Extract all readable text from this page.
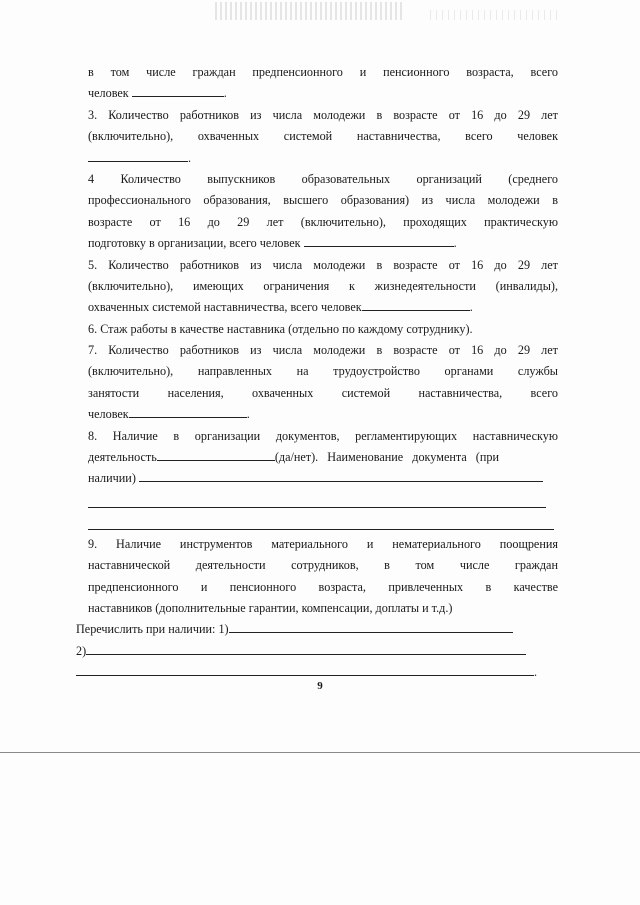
в том числе граждан предпенсионного и пенсионного возраста, всего
человек	.
3. Количество работников из числа молодежи в возрасте от 16 до 29 лет
(включительно), охваченных системой наставничества, всего человек
.
4 Количество выпускников образовательных организаций (среднего
профессионального образования, высшего образования) из числа молодежи в
возрасте от 16 до 29 лет (включительно), проходящих практическую
подготовку в организации, всего человек	.
5. Количество работников из числа молодежи в возрасте от 16 до 29 лет
(включительно), имеющих ограничения к жизнедеятельности (инвалиды),
охваченных системой наставничества, всего человек	.
6. Стаж работы в качестве наставника (отдельно по каждому сотруднику).
7. Количество работников из числа молодежи в возрасте от 16 до 29 лет
(включительно), направленных на трудоустройство органами службы
занятости населения, охваченных системой наставничества, всего
человек	.
8. Наличие в организации документов, регламентирующих наставническую
деятельность	(да/нет). Наименование документа (при
наличии)
9. Наличие инструментов материального и нематериального поощрения
наставнической деятельности сотрудников, в том числе граждан
предпенсионного и пенсионного возраста, привлеченных в качестве
наставников (дополнительные гарантии, компенсации, доплаты и т.д.)
Перечислить при наличии: 1)
2)
.
9
